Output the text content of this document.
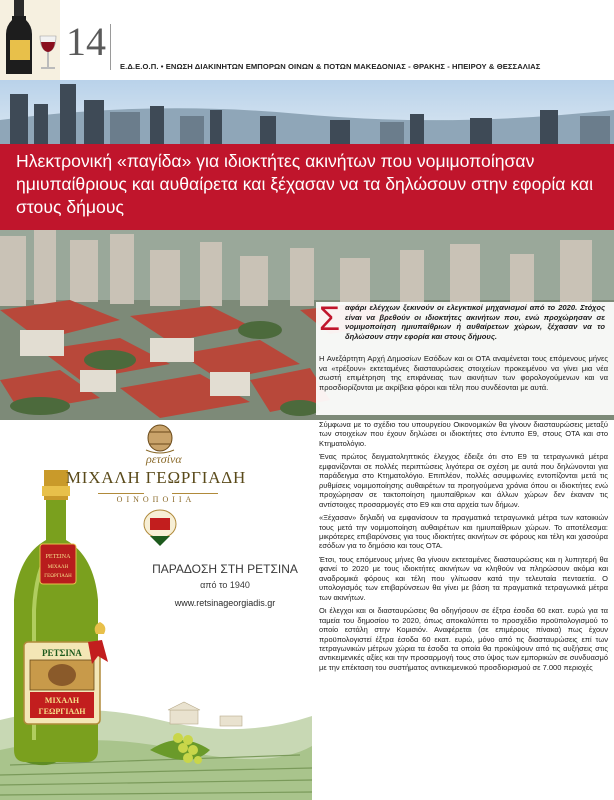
14
Ε.Δ.Ε.Ο.Π. • ΕΝΩΣΗ ΔΙΑΚΙΝΗΤΩΝ ΕΜΠΟΡΩΝ ΟΙΝΩΝ & ΠΟΤΩΝ ΜΑΚΕΔΟΝΙΑΣ - ΘΡΑΚΗΣ - ΗΠΕΙΡΟΥ & ΘΕΣΣΑΛΙΑΣ
Ηλεκτρονική «παγίδα» για ιδιοκτήτες ακινήτων που νομιμοποίησαν ημιυπαίθριους και αυθαίρετα και ξέχασαν να τα δηλώσουν στην εφορία και στους δήμους
Σ αφάρι ελέγχων ξεκινούν οι ελεγκτικοί μηχανισμοί από το 2020. Στόχος είναι να βρεθούν οι ιδιοκτήτες ακινήτων που, ενώ προχώρησαν σε νομιμοποίηση ημιυπαίθριων ή αυθαίρετων χώρων, ξέχασαν να το δηλώσουν στην εφορία και στους δήμους.

Η Ανεξάρτητη Αρχή Δημοσίων Εσόδων και οι ΟΤΑ αναμένεται τους επόμενους μήνες να «τρέξουν» εκτεταμένες διασταυρώσεις στοιχείων προκειμένου να γίνει μια νέα σωστή επιμέτρηση της επιφάνειας των ακινήτων των φορολογούμενων και να προσδιορίζονται με ακρίβεια φόροι και τέλη που συνδέονται με αυτά.

Σύμφωνα με το σχέδιο του υπουργείου Οικονομικών θα γίνουν διασταυρώσεις μεταξύ των στοιχείων που έχουν δηλώσει οι ιδιοκτήτες στο έντυπο Ε9, στους ΟΤΑ και στο Κτηματολόγιο.

Ένας πρώτος δειγματοληπτικός έλεγχος έδειξε ότι στο Ε9 τα τετραγωνικά μέτρα εμφανίζονται σε πολλές περιπτώσεις λιγότερα σε σχέση με αυτά που δηλώνονται για παράδειγμα στο Κτηματολόγιο. Επιπλέον, πολλές ασυμφωνίες εντοπίζονται μετά τις ρυθμίσεις νομιμοποίησης αυθαιρέτων τα προηγούμενα χρόνια όπου οι ιδιοκτήτες ενώ προχώρησαν σε τακτοποίηση ημιυπαίθριων και άλλων χώρων δεν έκαναν τις αντίστοιχες προσαρμογές στο Ε9 και στα αρχεία των δήμων.

«Ξέχασαν» δηλαδή να εμφανίσουν τα πραγματικά τετραγωνικά μέτρα των κατοικιών τους μετά την νομιμοποίηση αυθαιρέτων και ημιυπαίθριων χώρων. Το αποτέλεσμα: μικρότερες επιβαρύνσεις για τους ιδιοκτήτες ακινήτων σε φόρους και τέλη και χασούρα εσόδων για το δημόσιο και τους ΟΤΑ.

Έτσι, τους επόμενους μήνες θα γίνουν εκτεταμένες διασταυρώσεις και η λυπητερή θα φανεί το 2020 με τους ιδιοκτήτες ακινήτων να κληθούν να πληρώσουν ακόμα και αναδρομικά φόρους και τέλη που γλίτωσαν κατά την τελευταία πενταετία. Ο υπολογισμός των επιβαρύνσεων θα γίνει με βάση τα πραγματικά τετραγωνικά μέτρα των ακινήτων.

Οι έλεγχοι και οι διασταυρώσεις θα οδηγήσουν σε έξτρα έσοδα 60 εκατ. ευρώ για τα ταμεία του δημοσίου το 2020, όπως αποκαλύπτει το προσχέδιο προϋπολογισμού το οποίο εστάλη στην Κομισιόν. Αναφέρεται (σε επιμέρους πίνακα) πως έχουν προϋπολογιστεί έξτρα έσοδα 60 εκατ. ευρώ, μόνο από τις διασταυρώσεις επί των τετραγωνικών μέτρων χώρια τα έσοδα τα οποία θα προκύψουν από τις αυξήσεις στις αντικειμενικές αξίες και την προσαρμογή τους στο ύψος των εμπορικών σε συνδυασμό με την επέκταση του συστήματος αντικειμενικού προσδιορισμού σε 7.000 περιοχές

ΡΕΤΣΙΝΑ
ΜΙΧΑΛΗ
ΓΕΩΡΓΙΑΔΗ
ΡΕΤΣΙΝΑ
ΜΙΧΑΛΗ
ΓΕΩΡΓΙΑΔΗ
ρετσίνα
ΜΙΧΑΛΗ ΓΕΩΡΓΙΑΔΗ
ΟΙΝΟΠΟΙΙΑ
ΠΑΡΑΔΟΣΗ ΣΤΗ ΡΕΤΣΙΝΑ
από το 1940
www.retsinageorgiadis.gr
